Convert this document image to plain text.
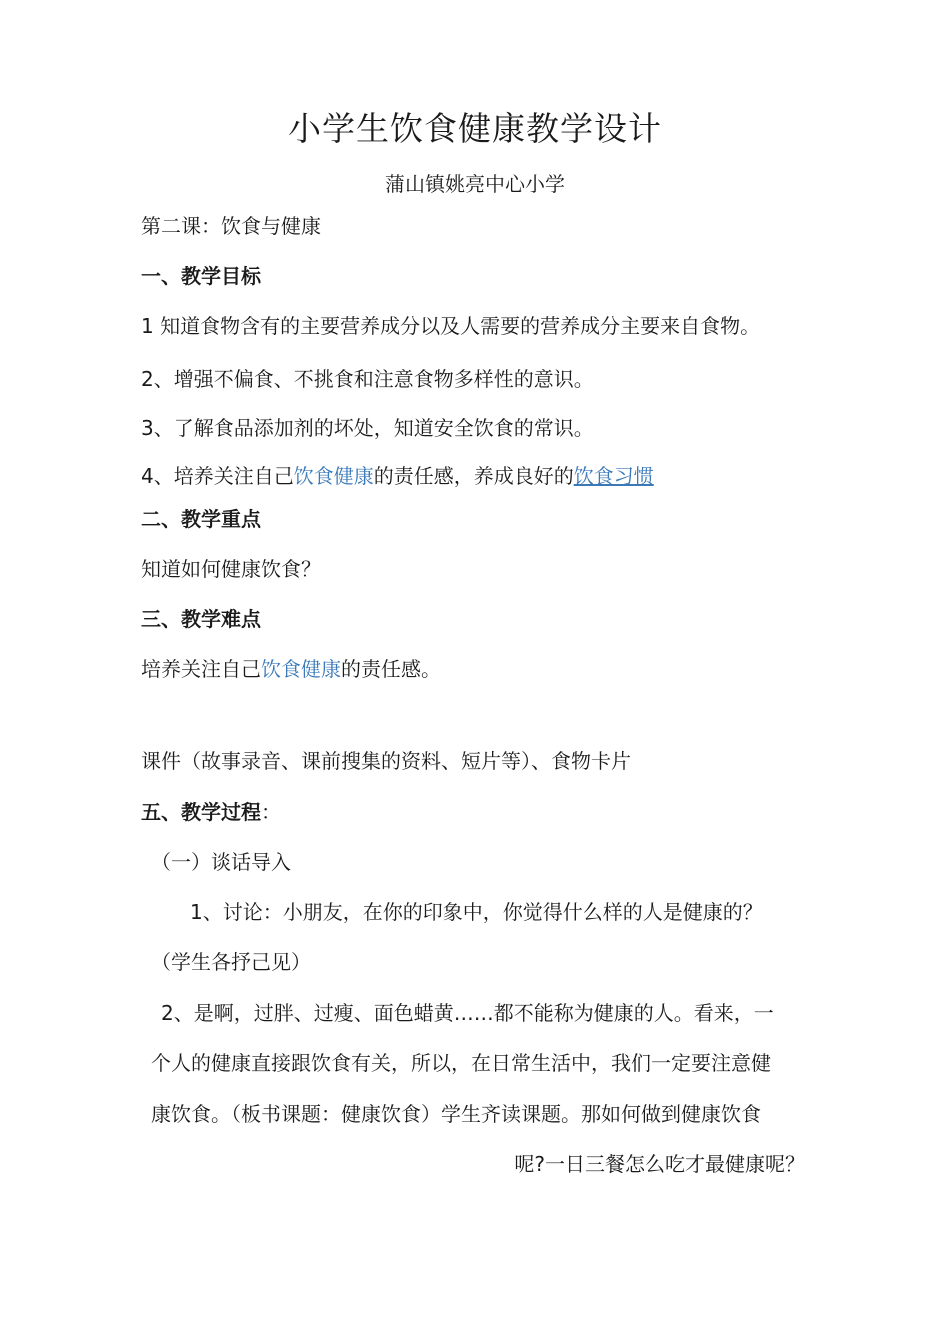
小学生饮食健康教学设计
蒲山镇姚亮中心小学
第二课：饮食与健康
一、教学目标
1 知道食物含有的主要营养成分以及人需要的营养成分主要来自食物。
2、增强不偏食、不挑食和注意食物多样性的意识。
3、了解食品添加剂的坏处，知道安全饮食的常识。
4、培养关注自己饮食健康的责任感，养成良好的饮食习惯
二、教学重点
知道如何健康饮食？
三、教学难点
培养关注自己饮食健康的责任感。
课件（故事录音、课前搜集的资料、短片等）、食物卡片
五、教学过程：
（一）谈话导入
1、讨论：小朋友，在你的印象中，你觉得什么样的人是健康的？
（学生各抒己见）
2、是啊，过胖、过瘦、面色蜡黄……都不能称为健康的人。看来，一
个人的健康直接跟饮食有关，所以，在日常生活中，我们一定要注意健
康饮食。（板书课题：健康饮食）学生齐读课题。那如何做到健康饮食
呢?一日三餐怎么吃才最健康呢？
